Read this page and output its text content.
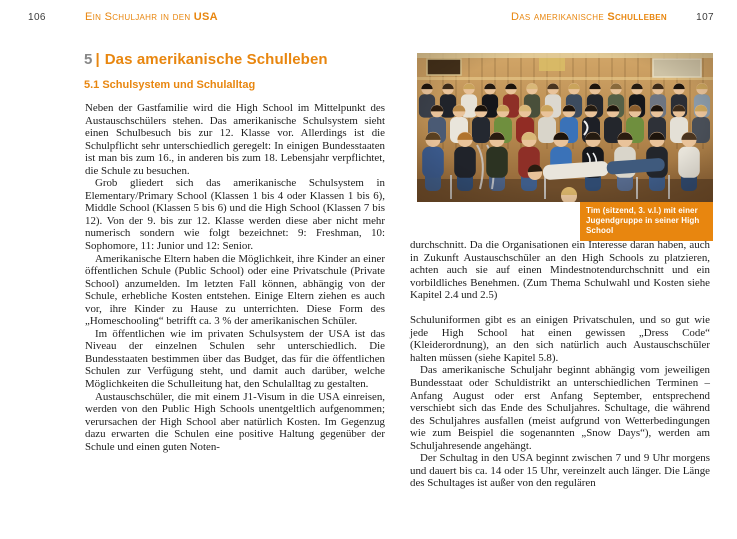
106	Ein Schuljahr in den USA	Das amerikanische Schulleben	107
5 | Das amerikanische Schulleben
5.1 Schulsystem und Schulalltag

Neben der Gastfamilie wird die High School im Mittelpunkt des Austauschschülers stehen. Das amerikanische Schulsystem sieht einen Schulbesuch bis zur 12. Klasse vor. Allerdings ist die Schulpflicht sehr unterschiedlich geregelt: In einigen Bundesstaaten ist man bis zum 16., in anderen bis zum 18. Lebensjahr verpflichtet, die Schule zu besuchen.

Grob gliedert sich das amerikanische Schulsystem in Elementary/Primary School (Klassen 1 bis 4 oder Klassen 1 bis 6), Middle School (Klassen 5 bis 6) und die High School (Klassen 7 bis 12). Von der 9. bis zur 12. Klasse werden diese aber nicht mehr numerisch sondern wie folgt bezeichnet: 9: Freshman, 10: Sophomore, 11: Junior und 12: Senior.

Amerikanische Eltern haben die Möglichkeit, ihre Kinder an einer öffentlichen Schule (Public School) oder eine Privatschule (Private School) anzumelden. Im letzten Fall können, abhängig von der Schule, erhebliche Kosten entstehen. Einige Eltern ziehen es auch vor, ihre Kinder zu Hause zu unterrichten. Diese Form des „Homeschooling“ betrifft ca. 3 % der amerikanischen Schüler.

Im öffentlichen wie im privaten Schulsystem der USA ist das Niveau der einzelnen Schulen sehr unterschiedlich. Die Bundesstaaten bestimmen über das Budget, das für die öffentlichen Schulen zur Verfügung steht, und damit auch darüber, welche Möglichkeiten die Schulleitung hat, den Schulalltag zu gestalten.

Austauschschüler, die mit einem J1-Visum in die USA einreisen, werden von den Public High Schools unentgeltlich aufgenommen; verursachen der High School aber natürlich Kosten. Im Gegenzug dazu erwarten die Schulen eine positive Haltung gegenüber der Schule und einen guten Noten-

Tim (sitzend, 3. v.l.) mit einer Jugendgruppe in seiner High School

durchschnitt. Da die Organisationen ein Interesse daran haben, auch in Zukunft Austauschschüler an den High Schools zu platzieren, achten auch sie auf einen Mindestnotendurchschnitt und ein vorbildliches Benehmen. (Zum Thema Schulwahl und Kosten siehe Kapitel 2.4 und 2.5)

Schuluniformen gibt es an einigen Privatschulen, und so gut wie jede High School hat einen gewissen „Dress Code“ (Kleiderordnung), an den sich natürlich auch Austauschschüler halten müssen (siehe Kapitel 5.8).

Das amerikanische Schuljahr beginnt abhängig vom jeweiligen Bundesstaat oder Schuldistrikt an unterschiedlichen Terminen – Anfang August oder erst Anfang September, entsprechend verschiebt sich das Ende des Schuljahres. Schultage, die während des Schuljahres ausfallen (meist aufgrund von Wetterbedingungen wie zum Beispiel die sogenannten „Snow Days“), werden am Schuljahresende angehängt.

Der Schultag in den USA beginnt zwischen 7 und 9 Uhr morgens und dauert bis ca. 14 oder 15 Uhr, vereinzelt auch länger. Die Länge des Schultages ist außer von den regulären
